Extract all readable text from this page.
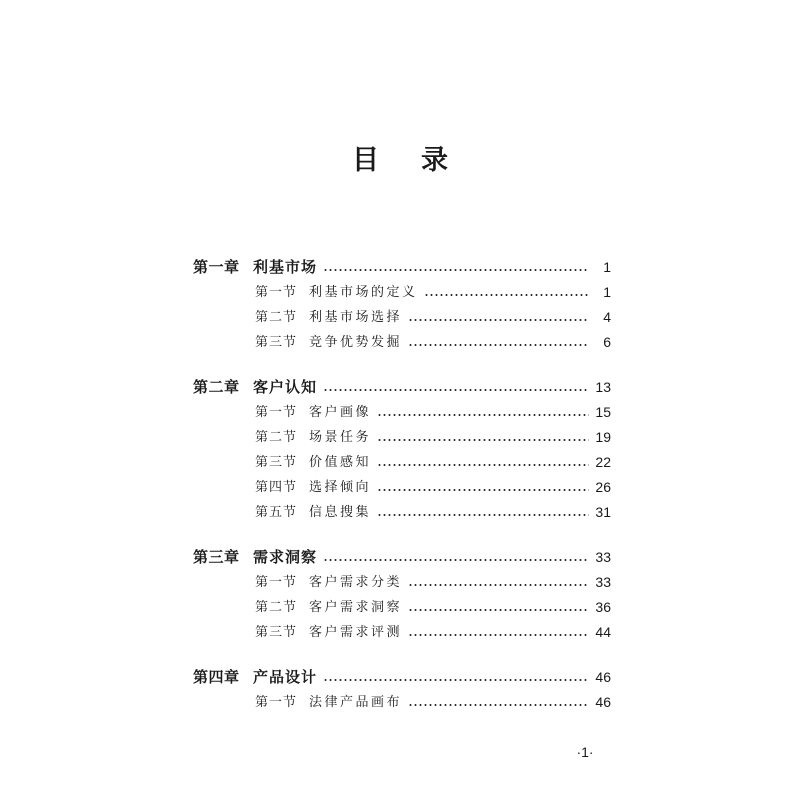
目 录
第一章 利基市场	1
第一节 利基市场的定义	1
第二节 利基市场选择	4
第三节 竞争优势发掘	6
第二章 客户认知	13
第一节 客户画像	15
第二节 场景任务	19
第三节 价值感知	22
第四节 选择倾向	26
第五节 信息搜集	31
第三章 需求洞察	33
第一节 客户需求分类	33
第二节 客户需求洞察	36
第三节 客户需求评测	44
第四章 产品设计	46
第一节 法律产品画布	46
·1·
